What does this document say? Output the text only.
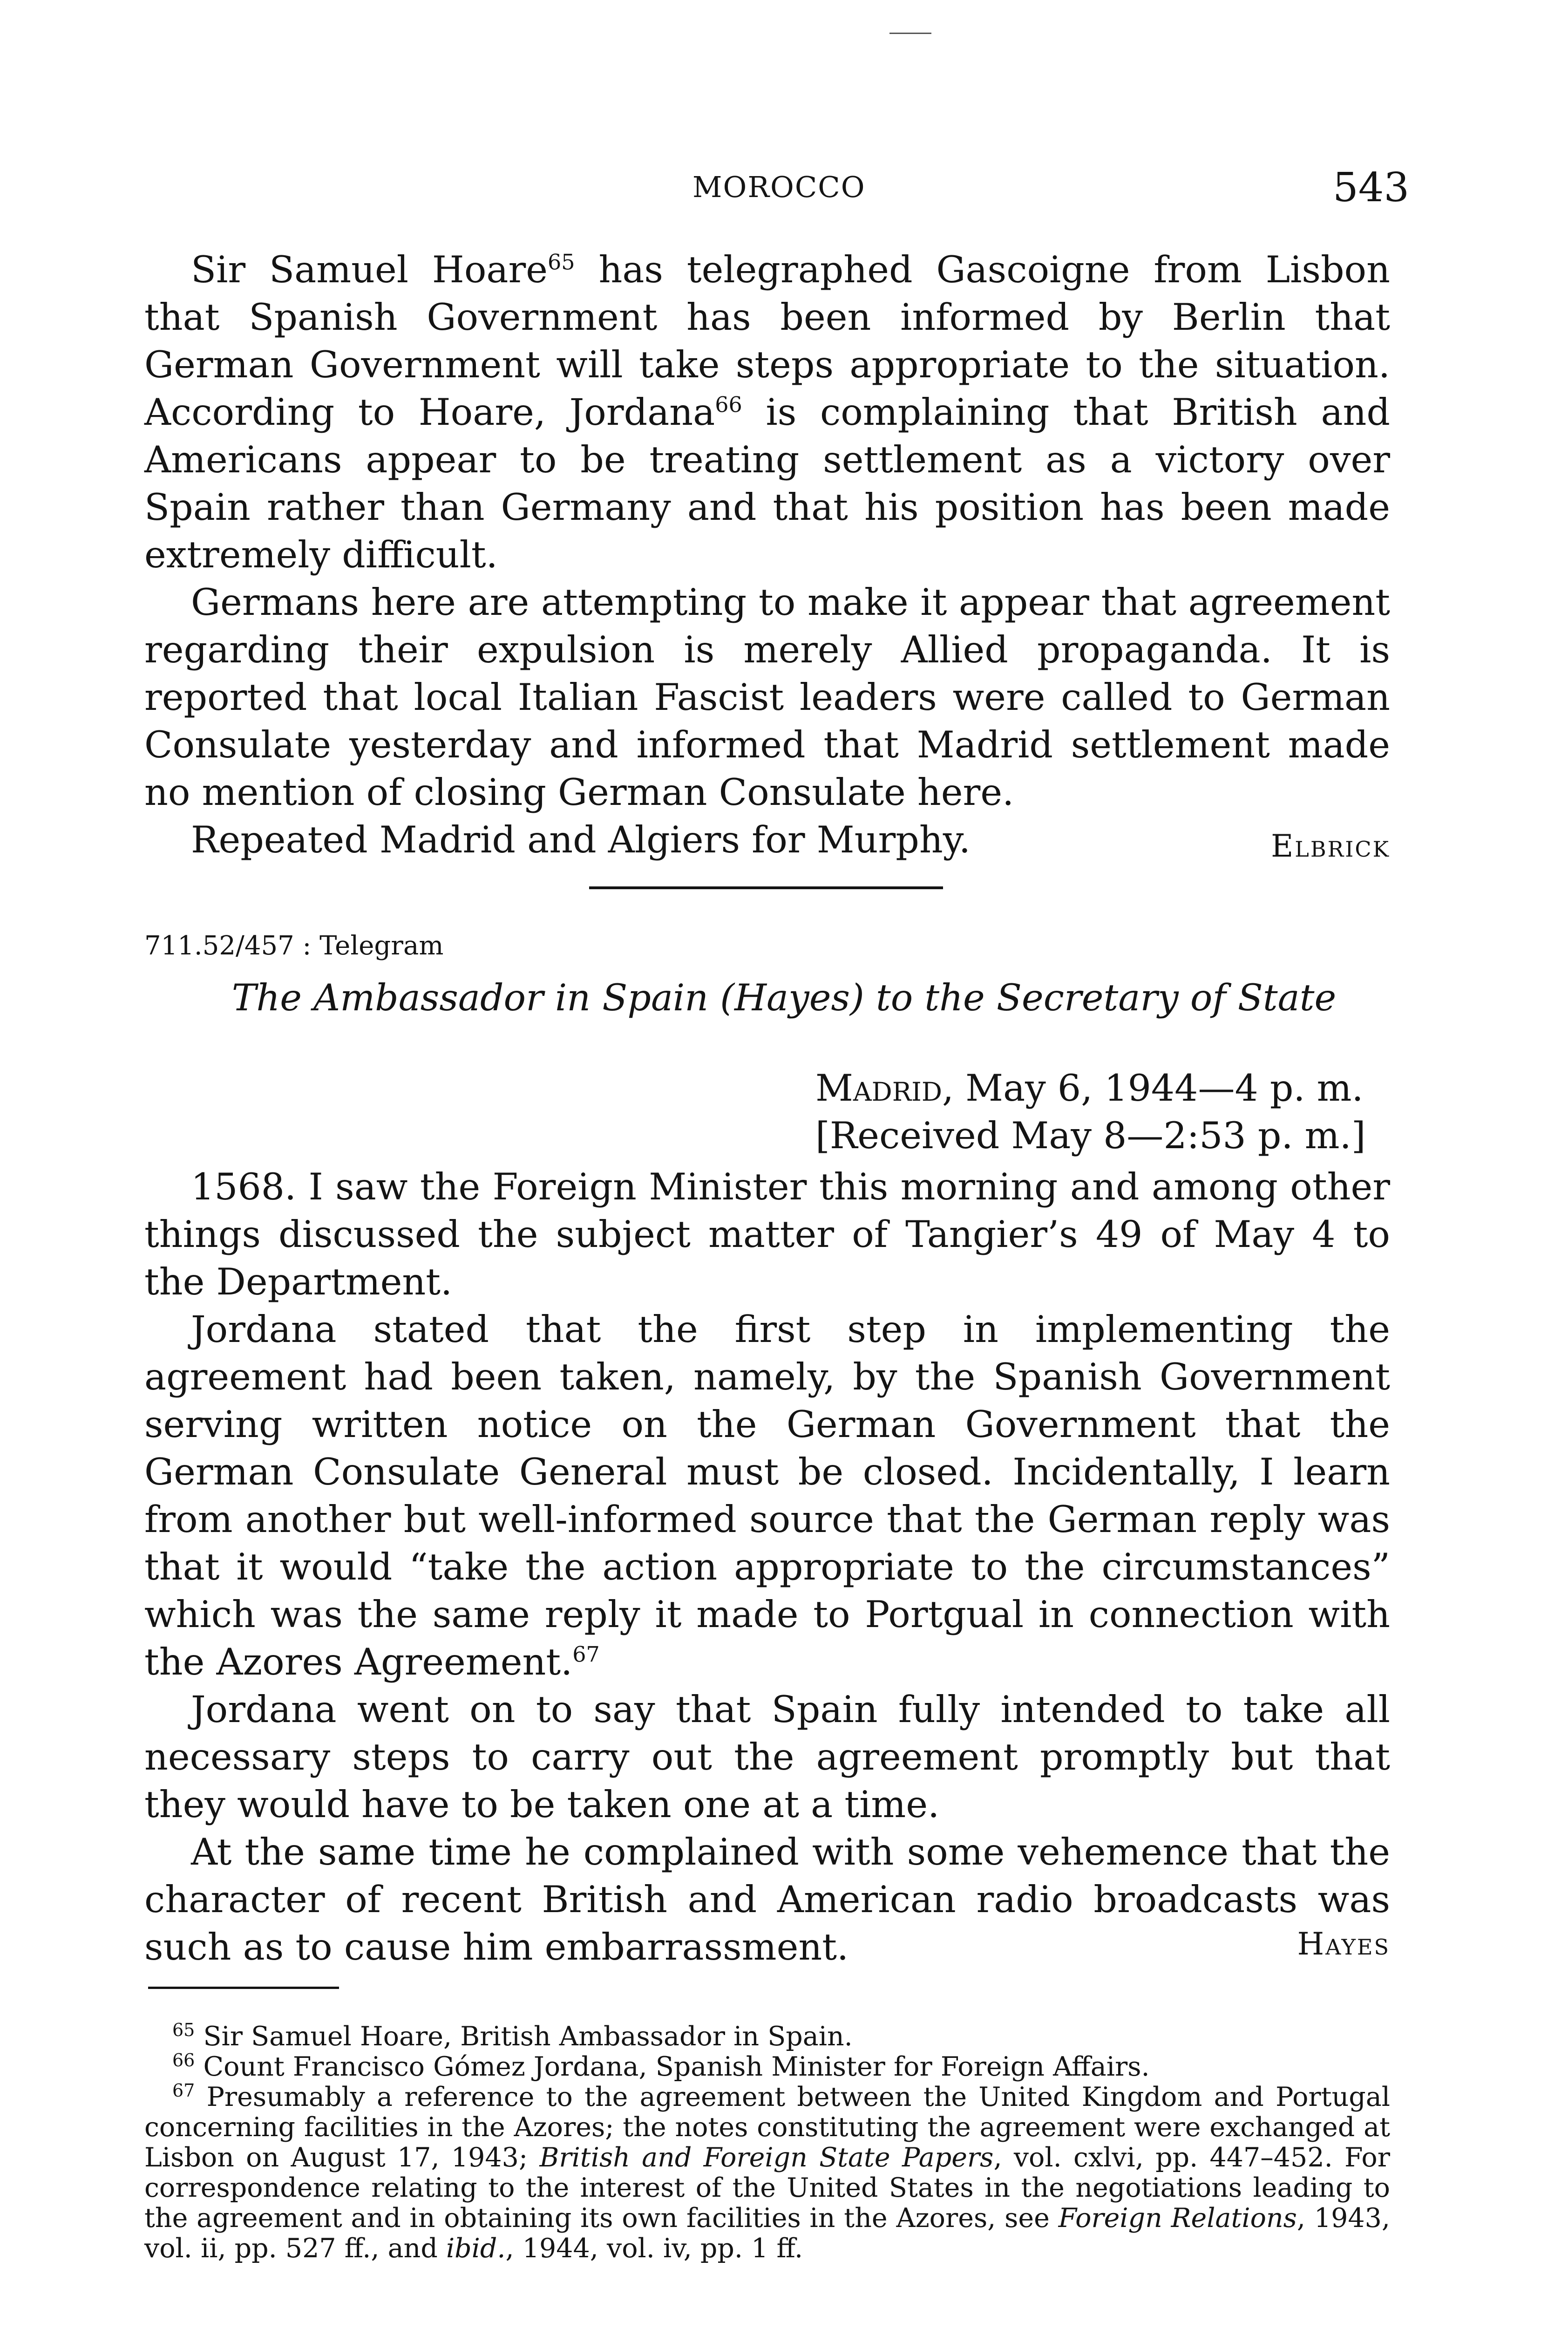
MOROCCO	543

Sir Samuel Hoare$^{65}$ has telegraphed Gascoigne from Lisbon that Spanish Government has been informed by Berlin that German Government will take steps appropriate to the situation. According to Hoare, Jordana$^{66}$ is complaining that British and Americans appear to be treating settlement as a victory over Spain rather than Germany and that his position has been made extremely difficult.

Germans here are attempting to make it appear that agreement regarding their expulsion is merely Allied propaganda. It is reported that local Italian Fascist leaders were called to German Consulate yesterday and informed that Madrid settlement made no mention of closing German Consulate here.

Repeated Madrid and Algiers for Murphy.	Elbrick
711.52/457 : Telegram
The Ambassador in Spain (Hayes) to the Secretary of State
Madrid, May 6, 1944—4 p. m.
[Received May 8—2:53 p. m.]

1568. I saw the Foreign Minister this morning and among other things discussed the subject matter of Tangier’s 49 of May 4 to the Department.

Jordana stated that the first step in implementing the agreement had been taken, namely, by the Spanish Government serving written notice on the German Government that the German Consulate General must be closed. Incidentally, I learn from another but well-informed source that the German reply was that it would “take the action appropriate to the circumstances” which was the same reply it made to Portgual in connection with the Azores Agreement.$^{67}$

Jordana went on to say that Spain fully intended to take all necessary steps to carry out the agreement promptly but that they would have to be taken one at a time.

At the same time he complained with some vehemence that the character of recent British and American radio broadcasts was such as to cause him embarrassment.	Hayes

$^{65}$ Sir Samuel Hoare, British Ambassador in Spain.

$^{66}$ Count Francisco Gómez Jordana, Spanish Minister for Foreign Affairs.

$^{67}$ Presumably a reference to the agreement between the United Kingdom and Portugal concerning facilities in the Azores; the notes constituting the agreement were exchanged at Lisbon on August 17, 1943; British and Foreign State Papers, vol. cxlvi, pp. 447–452. For correspondence relating to the interest of the United States in the negotiations leading to the agreement and in obtaining its own facilities in the Azores, see Foreign Relations, 1943, vol. ii, pp. 527 ff., and ibid., 1944, vol. iv, pp. 1 ff.
